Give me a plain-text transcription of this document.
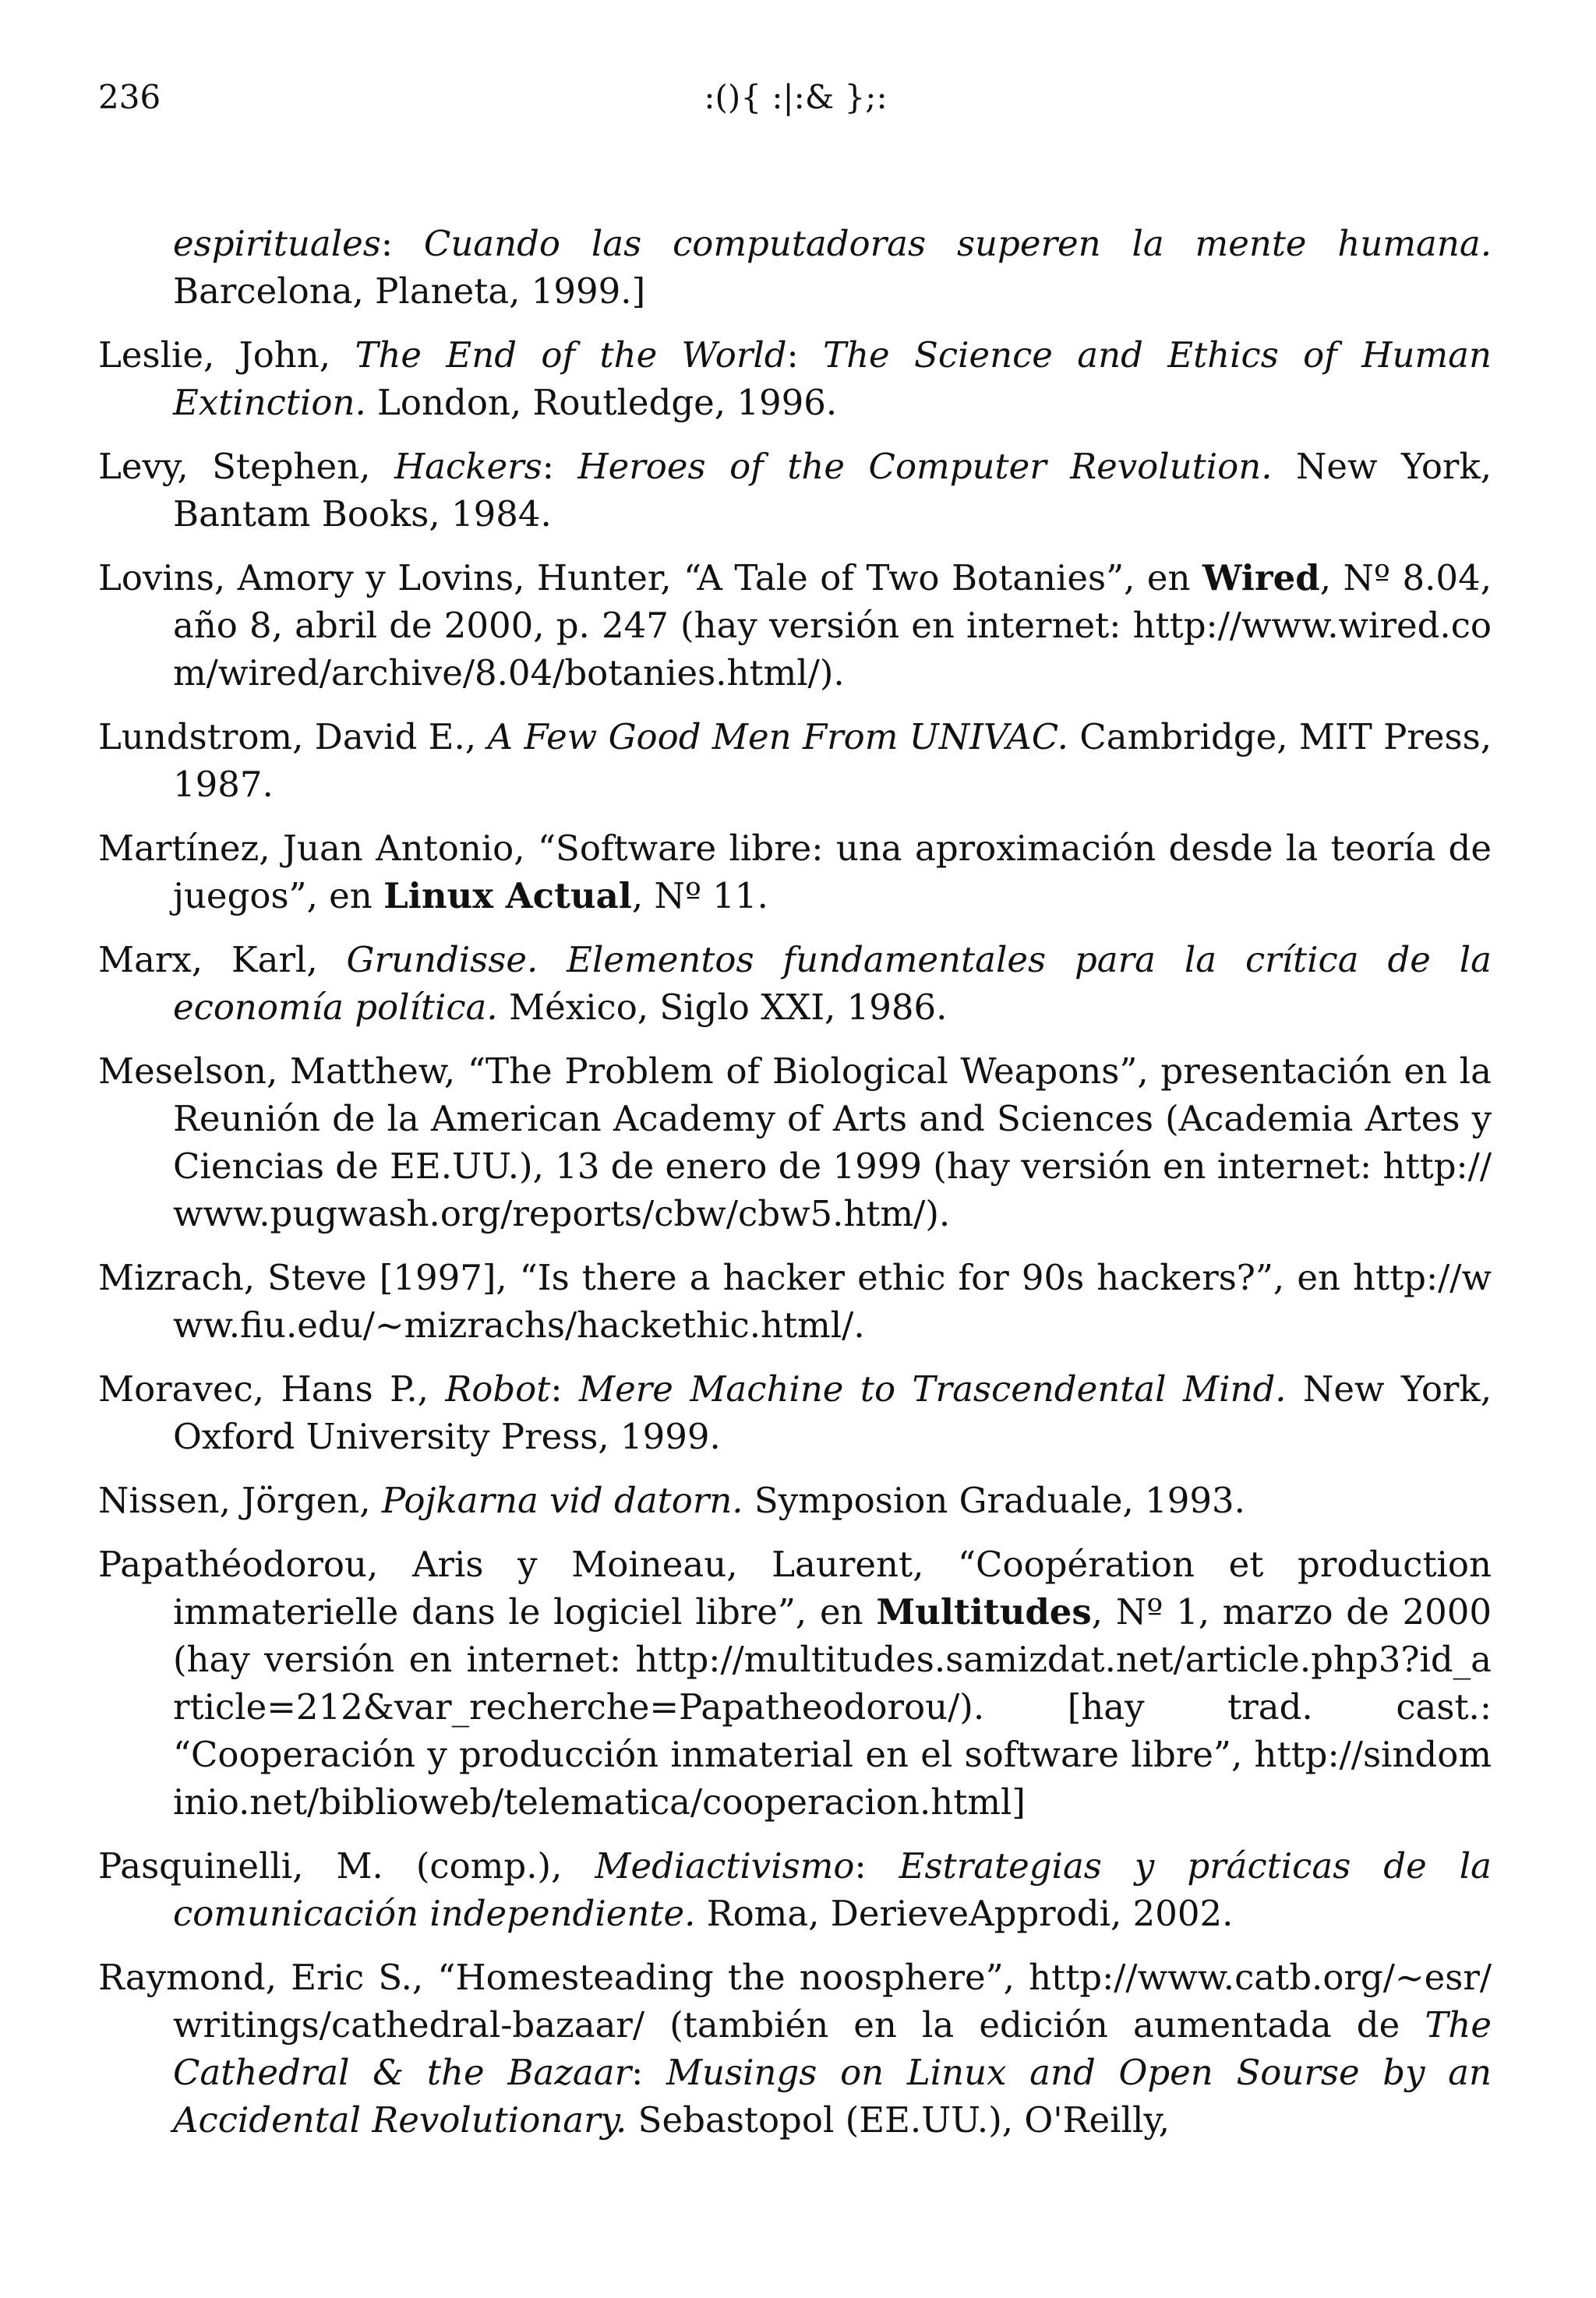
236	:(){ :|:& };:

espirituales: Cuando las computadoras superen la mente humana. Barcelona, Planeta, 1999.]

Leslie, John, The End of the World: The Science and Ethics of Human Extinction. London, Routledge, 1996.

Levy, Stephen, Hackers: Heroes of the Computer Revolution. New York, Bantam Books, 1984.

Lovins, Amory y Lovins, Hunter, “A Tale of Two Botanies”, en Wired, Nº 8.04, año 8, abril de 2000, p. 247 (hay versión en internet: http://www.wired.com/wired/archive/8.04/botanies.html/).

Lundstrom, David E., A Few Good Men From UNIVAC. Cambridge, MIT Press, 1987.

Martínez, Juan Antonio, “Software libre: una aproximación desde la teoría de juegos”, en Linux Actual, Nº 11.

Marx, Karl, Grundisse. Elementos fundamentales para la crítica de la economía política. México, Siglo XXI, 1986.

Meselson, Matthew, “The Problem of Biological Weapons”, presentación en la Reunión de la American Academy of Arts and Sciences (Academia Artes y Ciencias de EE.UU.), 13 de enero de 1999 (hay versión en internet: http://www.pugwash.org/reports/cbw/cbw5.htm/).

Mizrach, Steve [1997], “Is there a hacker ethic for 90s hackers?”, en http://www.fiu.edu/~mizrachs/hackethic.html/.

Moravec, Hans P., Robot: Mere Machine to Trascendental Mind. New York, Oxford University Press, 1999.

Nissen, Jörgen, Pojkarna vid datorn. Symposion Graduale, 1993.

Papathéodorou, Aris y Moineau, Laurent, “Coopération et production immaterielle dans le logiciel libre”, en Multitudes, Nº 1, marzo de 2000 (hay versión en internet: http://multitudes.samizdat.net/article.php3?id_article=212&var_recherche=Papatheodorou/). [hay trad. cast.: “Cooperación y producción inmaterial en el software libre”, http://sindominio.net/biblioweb/telematica/cooperacion.html]

Pasquinelli, M. (comp.), Mediactivismo: Estrategias y prácticas de la comunicación independiente. Roma, DerieveApprodi, 2002.

Raymond, Eric S., “Homesteading the noosphere”, http://www.catb.org/~esr/writings/cathedral-bazaar/ (también en la edición aumentada de The Cathedral & the Bazaar: Musings on Linux and Open Sourse by an Accidental Revolutionary. Sebastopol (EE.UU.), O'Reilly,
